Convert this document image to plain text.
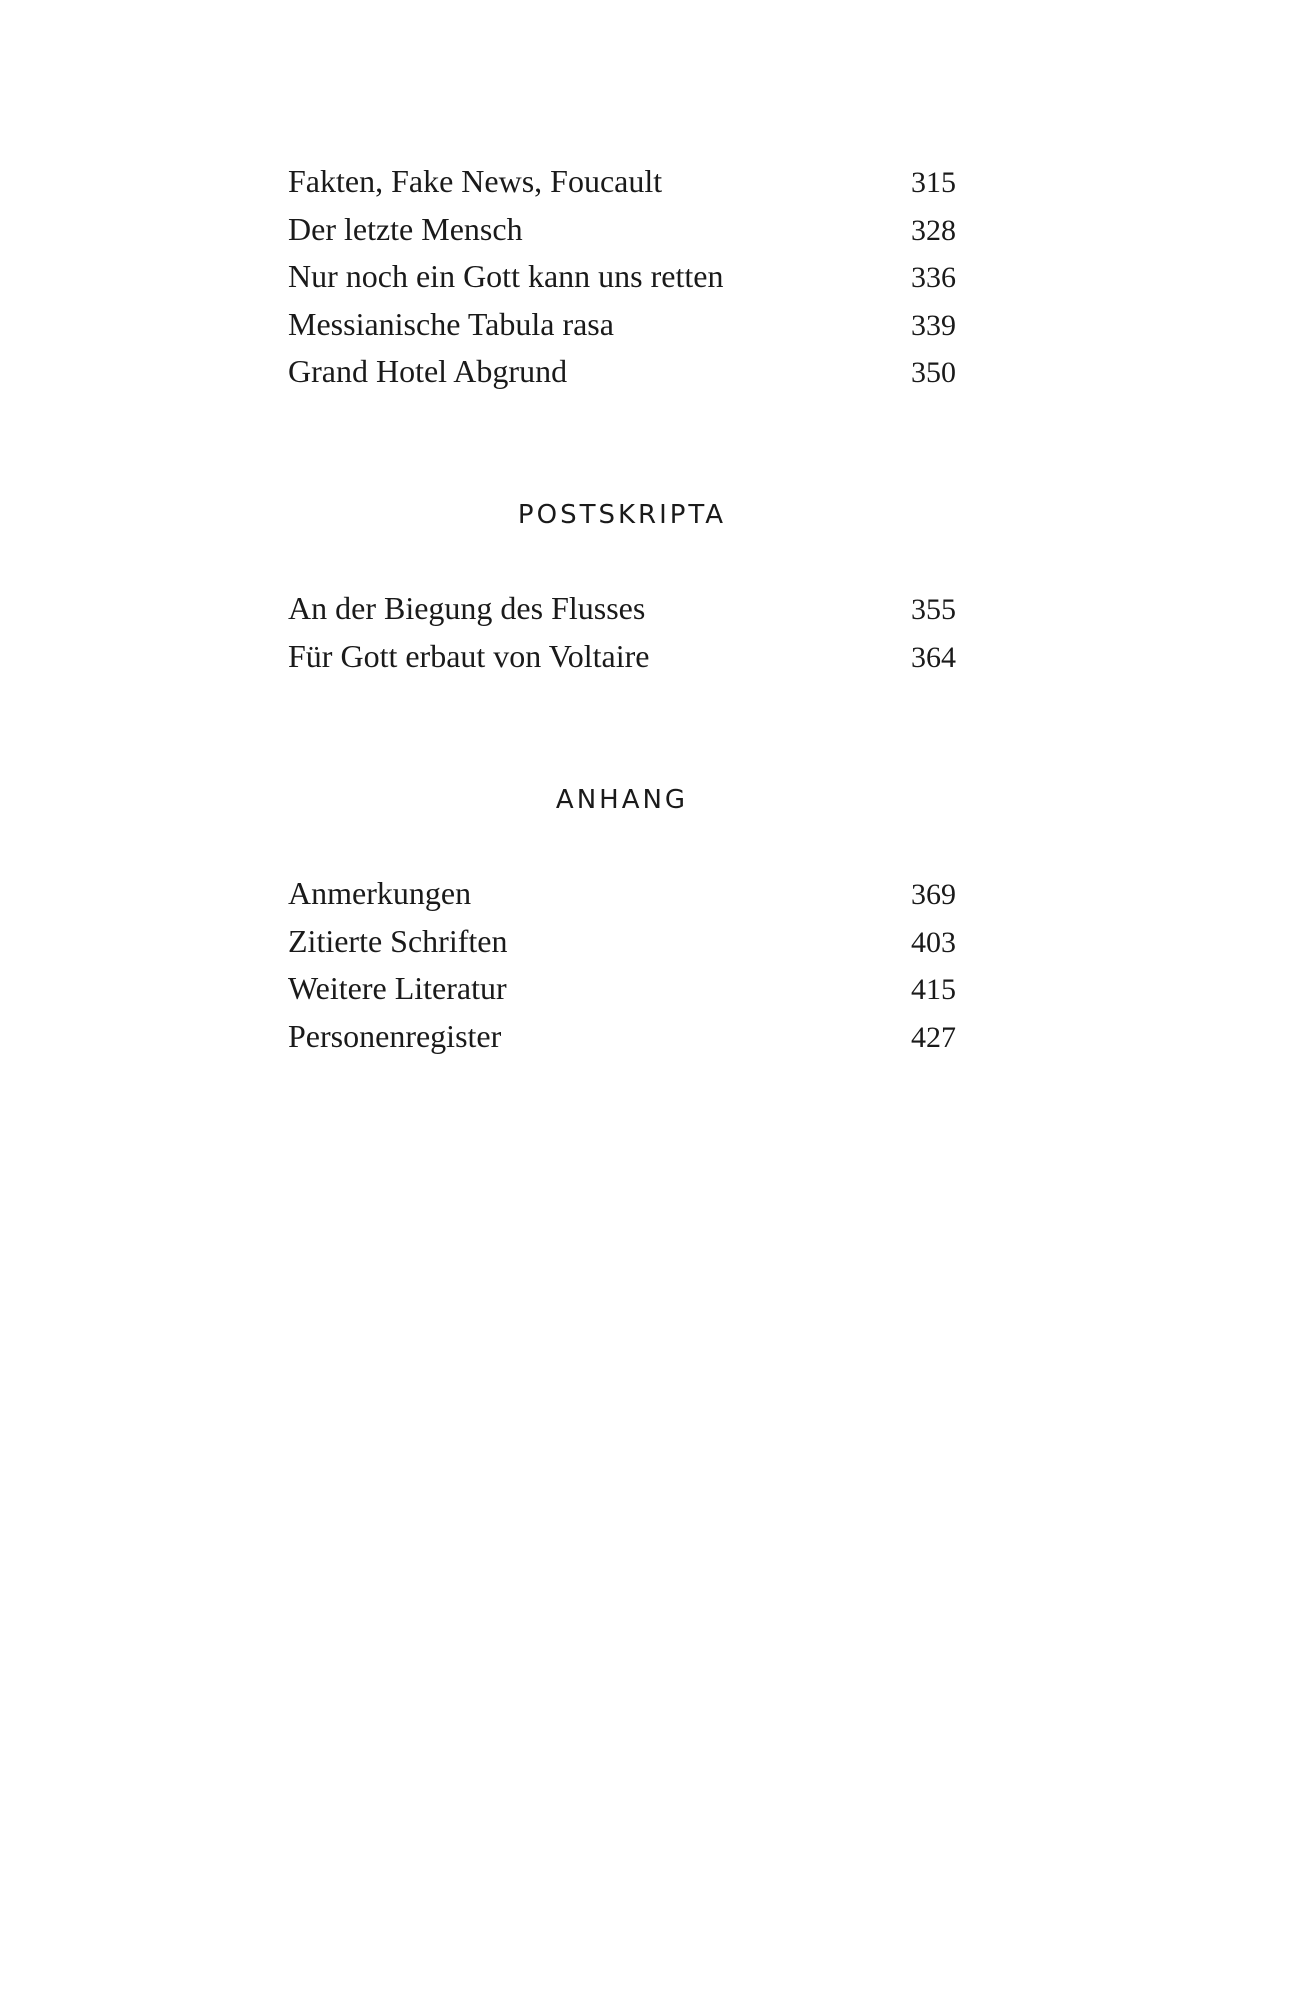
Fakten, Fake News, Foucault	315
Der letzte Mensch	328
Nur noch ein Gott kann uns retten	336
Messianische Tabula rasa	339
Grand Hotel Abgrund	350
POSTSKRIPTA
An der Biegung des Flusses	355
Für Gott erbaut von Voltaire	364
ANHANG
Anmerkungen	369
Zitierte Schriften	403
Weitere Literatur	415
Personenregister	427
